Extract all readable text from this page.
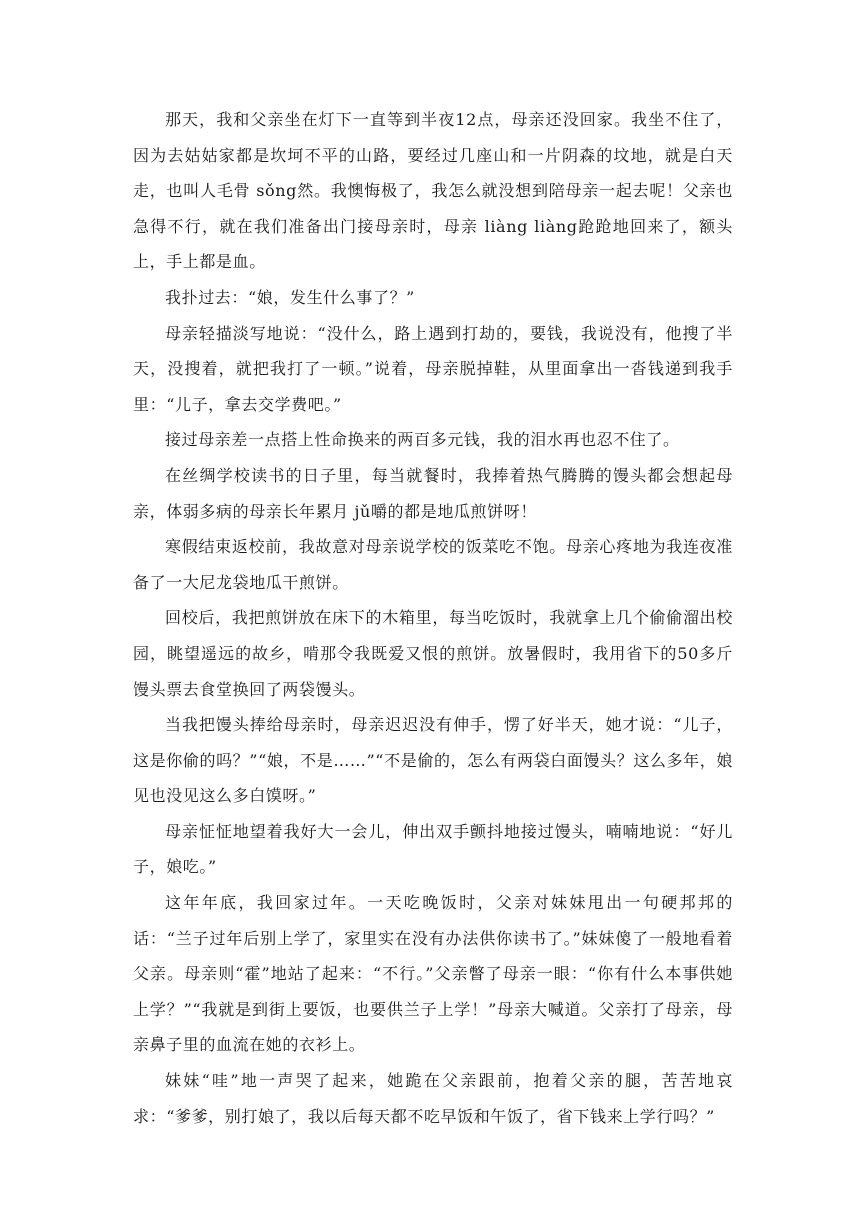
那天，我和父亲坐在灯下一直等到半夜12点，母亲还没回家。我坐不住了，因为去姑姑家都是坎坷不平的山路，要经过几座山和一片阴森的坟地，就是白天走，也叫人毛骨 sǒng然。我懊悔极了，我怎么就没想到陪母亲一起去呢！父亲也急得不行，就在我们准备出门接母亲时，母亲 liàng liàng跄跄地回来了，额头上，手上都是血。

我扑过去：“娘，发生什么事了？”

母亲轻描淡写地说：“没什么，路上遇到打劫的，要钱，我说没有，他搜了半天，没搜着，就把我打了一顿。”说着，母亲脱掉鞋，从里面拿出一沓钱递到我手里：“儿子，拿去交学费吧。”

接过母亲差一点搭上性命换来的两百多元钱，我的泪水再也忍不住了。

在丝绸学校读书的日子里，每当就餐时，我捧着热气腾腾的馒头都会想起母亲，体弱多病的母亲长年累月 jǔ嚼的都是地瓜煎饼呀！

寒假结束返校前，我故意对母亲说学校的饭菜吃不饱。母亲心疼地为我连夜准备了一大尼龙袋地瓜干煎饼。

回校后，我把煎饼放在床下的木箱里，每当吃饭时，我就拿上几个偷偷溜出校园，眺望遥远的故乡，啃那令我既爱又恨的煎饼。放暑假时，我用省下的50多斤馒头票去食堂换回了两袋馒头。

当我把馒头捧给母亲时，母亲迟迟没有伸手，愣了好半天，她才说：“儿子，这是你偷的吗？”“娘，不是……”“不是偷的，怎么有两袋白面馒头？这么多年，娘见也没见这么多白馍呀。”

母亲怔怔地望着我好大一会儿，伸出双手颤抖地接过馒头，喃喃地说：“好儿子，娘吃。”

这年年底，我回家过年。一天吃晚饭时，父亲对妹妹甩出一句硬邦邦的话：“兰子过年后别上学了，家里实在没有办法供你读书了。”妹妹傻了一般地看着父亲。母亲则“霍”地站了起来：“不行。”父亲瞥了母亲一眼：“你有什么本事供她上学？”“我就是到街上要饭，也要供兰子上学！”母亲大喊道。父亲打了母亲，母亲鼻子里的血流在她的衣衫上。

妹妹“哇”地一声哭了起来，她跪在父亲跟前，抱着父亲的腿，苦苦地哀求：“爹爹，别打娘了，我以后每天都不吃早饭和午饭了，省下钱来上学行吗？”
